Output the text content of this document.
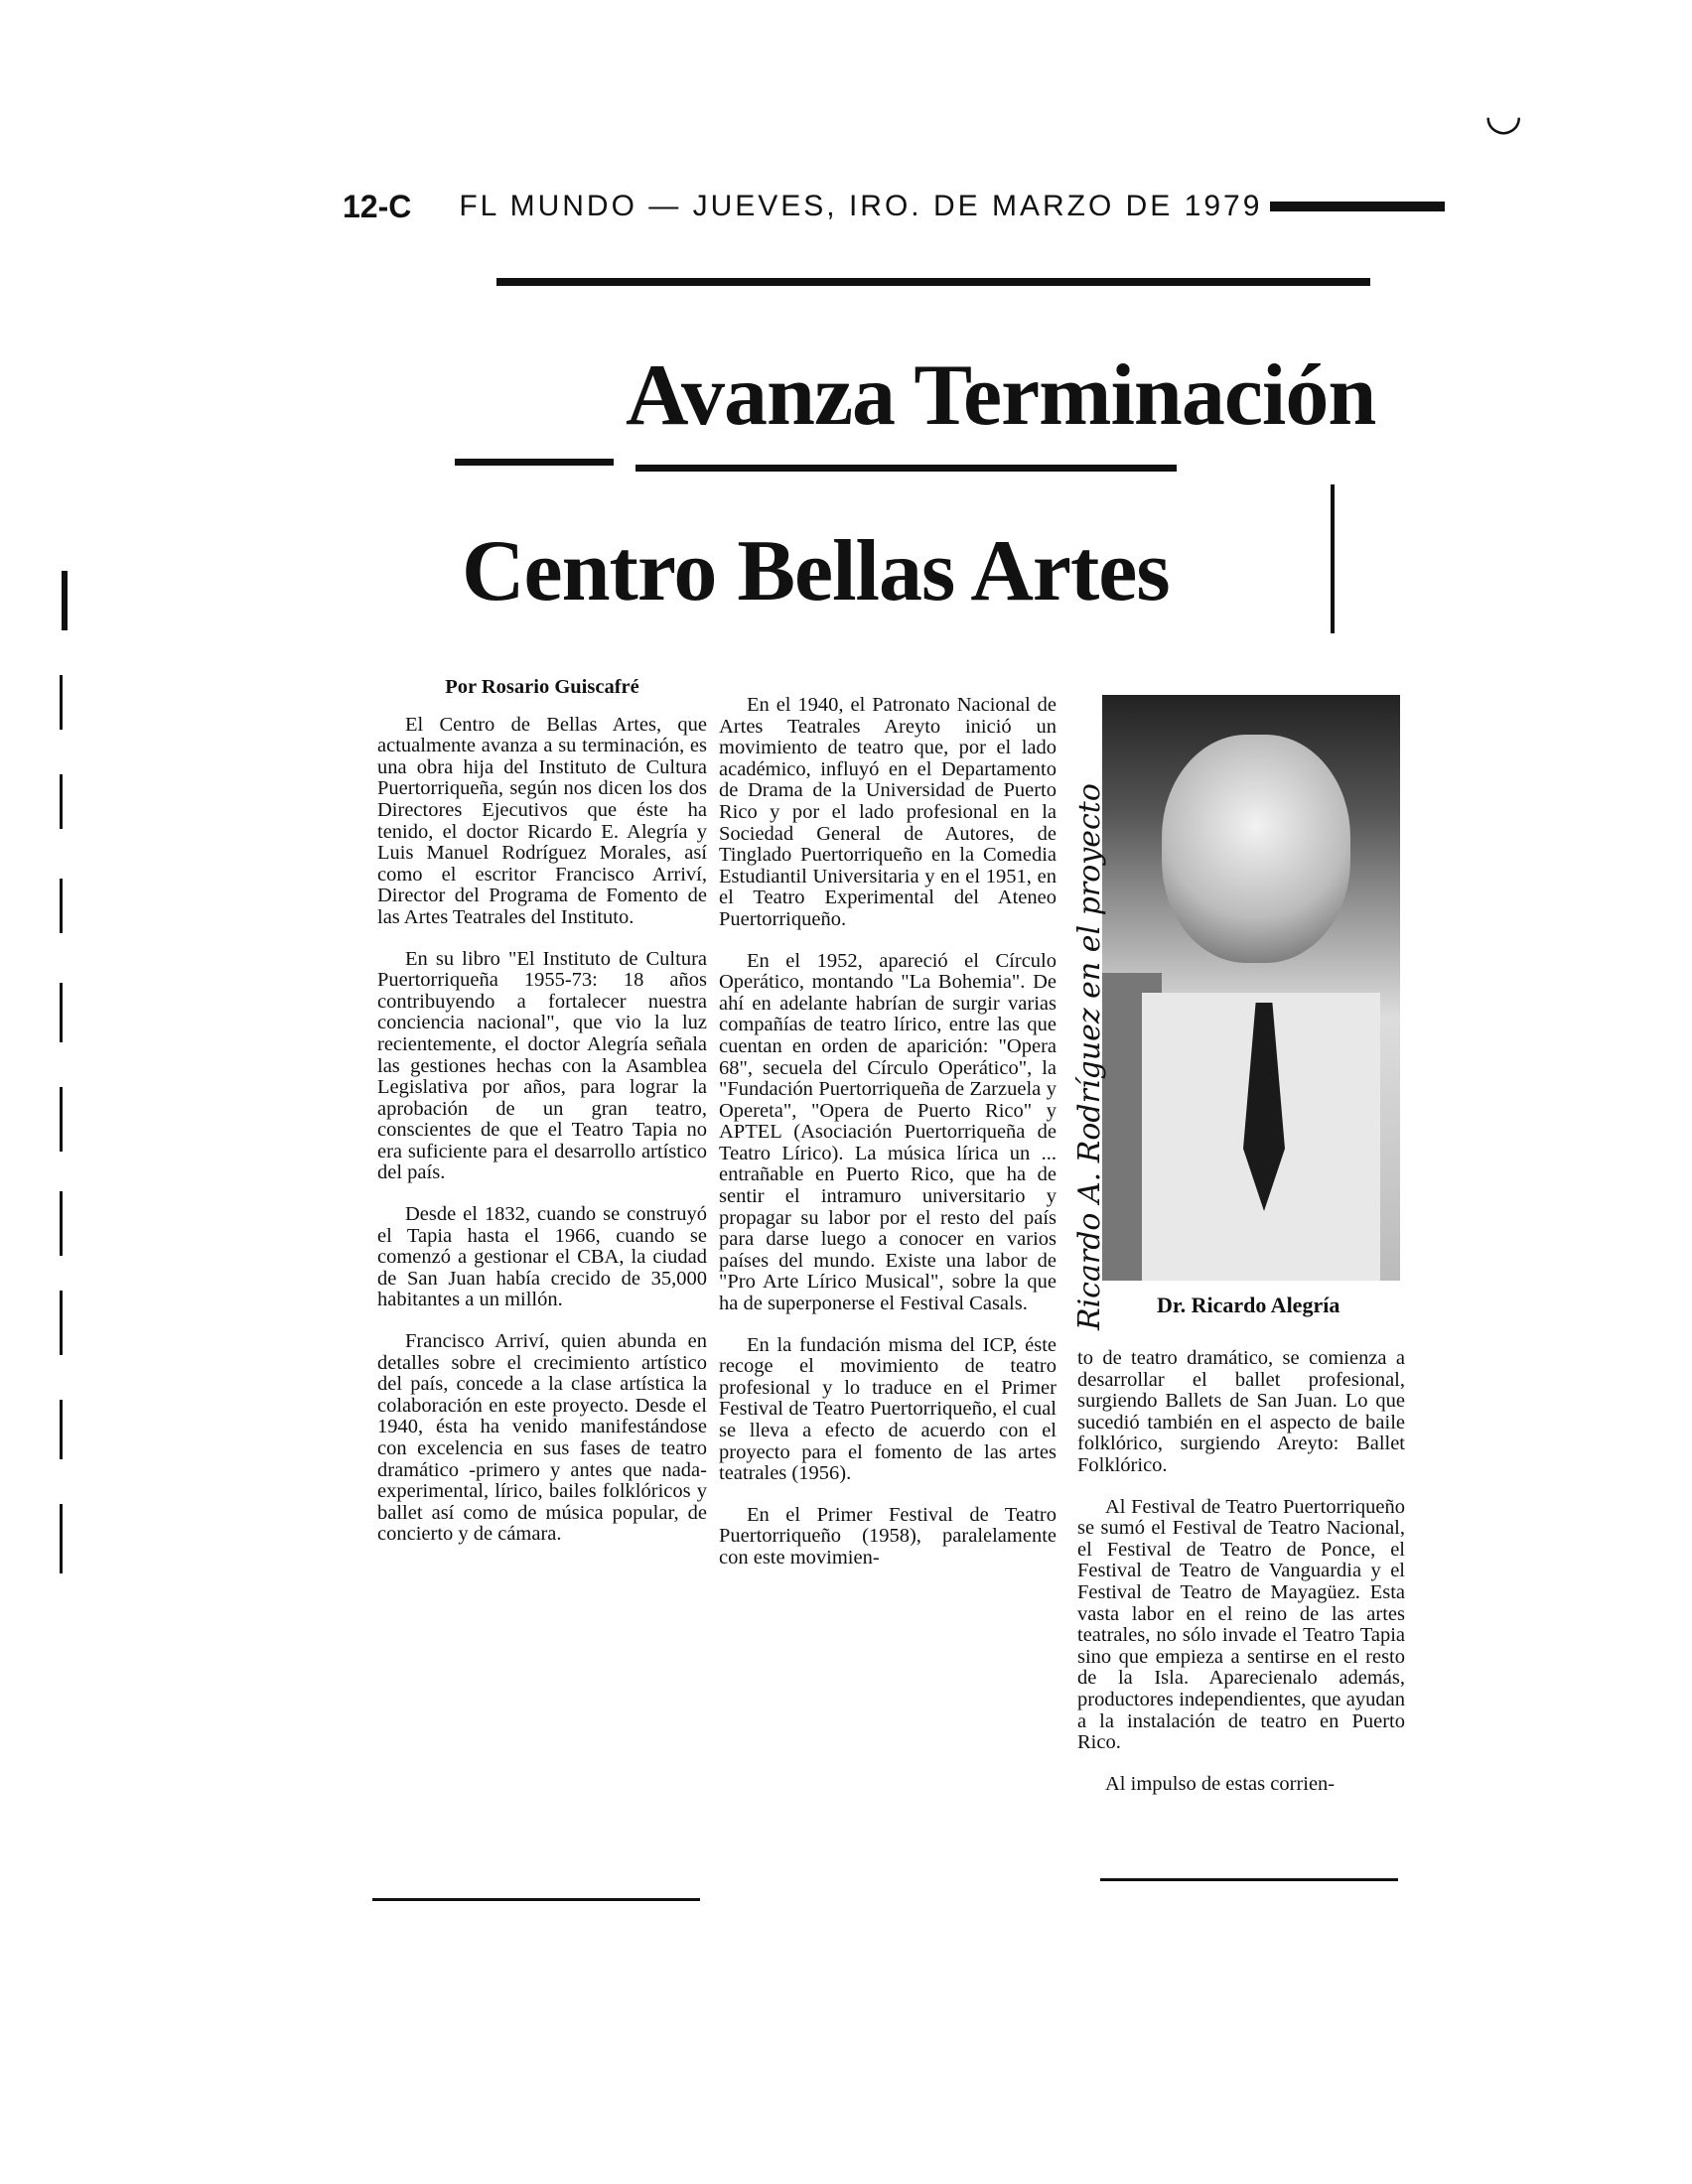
12-C FL MUNDO — JUEVES, IRO. DE MARZO DE 1979
Avanza Terminación
Centro Bellas Artes

Por Rosario Guiscafré

El Centro de Bellas Artes, que actualmente avanza a su terminación, es una obra hija del Instituto de Cultura Puertorriqueña, según nos dicen los dos Directores Ejecutivos que éste ha tenido, el doctor Ricardo E. Alegría y Luis Manuel Rodríguez Morales, así como el escritor Francisco Arriví, Director del Programa de Fomento de las Artes Teatrales del Instituto.

En su libro "El Instituto de Cultura Puertorriqueña 1955-73: 18 años contribuyendo a fortalecer nuestra conciencia nacional", que vio la luz recientemente, el doctor Alegría señala las gestiones hechas con la Asamblea Legislativa por años, para lograr la aprobación de un gran teatro, conscientes de que el Teatro Tapia no era suficiente para el desarrollo artístico del país.

Desde el 1832, cuando se construyó el Tapia hasta el 1966, cuando se comenzó a gestionar el CBA, la ciudad de San Juan había crecido de 35,000 habitantes a un millón.

Francisco Arriví, quien abunda en detalles sobre el crecimiento artístico del país, concede a la clase artística la colaboración en este proyecto. Desde el 1940, ésta ha venido manifestándose con excelencia en sus fases de teatro dramático -primero y antes que nada-experimental, lírico, bailes folklóricos y ballet así como de música popular, de concierto y de cámara.

En el 1940, el Patronato Nacional de Artes Teatrales Areyto inició un movimiento de teatro que, por el lado académico, influyó en el Departamento de Drama de la Universidad de Puerto Rico y por el lado profesional en la Sociedad General de Autores, de Tinglado Puertorriqueño en la Comedia Estudiantil Universitaria y en el 1951, en el Teatro Experimental del Ateneo Puertorriqueño.

En el 1952, apareció el Círculo Operático, montando "La Bohemia". De ahí en adelante habrían de surgir varias compañías de teatro lírico, entre las que cuentan en orden de aparición: "Opera 68", secuela del Círculo Operático", la "Fundación Puertorriqueña de Zarzuela y Opereta", "Opera de Puerto Rico" y APTEL (Asociación Puertorriqueña de Teatro Lírico). La música lírica un ... entrañable en Puerto Rico, que ha de sentir el intramuro universitario y propagar su labor por el resto del país para darse luego a conocer en varios países del mundo. Existe una labor de "Pro Arte Lírico Musical", sobre la que ha de superponerse el Festival Casals.

En la fundación misma del ICP, éste recoge el movimiento de teatro profesional y lo traduce en el Primer Festival de Teatro Puertorriqueño, el cual se lleva a efecto de acuerdo con el proyecto para el fomento de las artes teatrales (1956).

En el Primer Festival de Teatro Puertorriqueño (1958), paralelamente con este movimien-

Dr. Ricardo Alegría
Ricardo A. Rodríguez en el proyecto

to de teatro dramático, se comienza a desarrollar el ballet profesional, surgiendo Ballets de San Juan. Lo que sucedió también en el aspecto de baile folklórico, surgiendo Areyto: Ballet Folklórico.

Al Festival de Teatro Puertorriqueño se sumó el Festival de Teatro Nacional, el Festival de Teatro de Ponce, el Festival de Teatro de Vanguardia y el Festival de Teatro de Mayagüez. Esta vasta labor en el reino de las artes teatrales, no sólo invade el Teatro Tapia sino que empieza a sentirse en el resto de la Isla. Aparecienalo además, productores independientes, que ayudan a la instalación de teatro en Puerto Rico.

Al impulso de estas corrien-

◡
